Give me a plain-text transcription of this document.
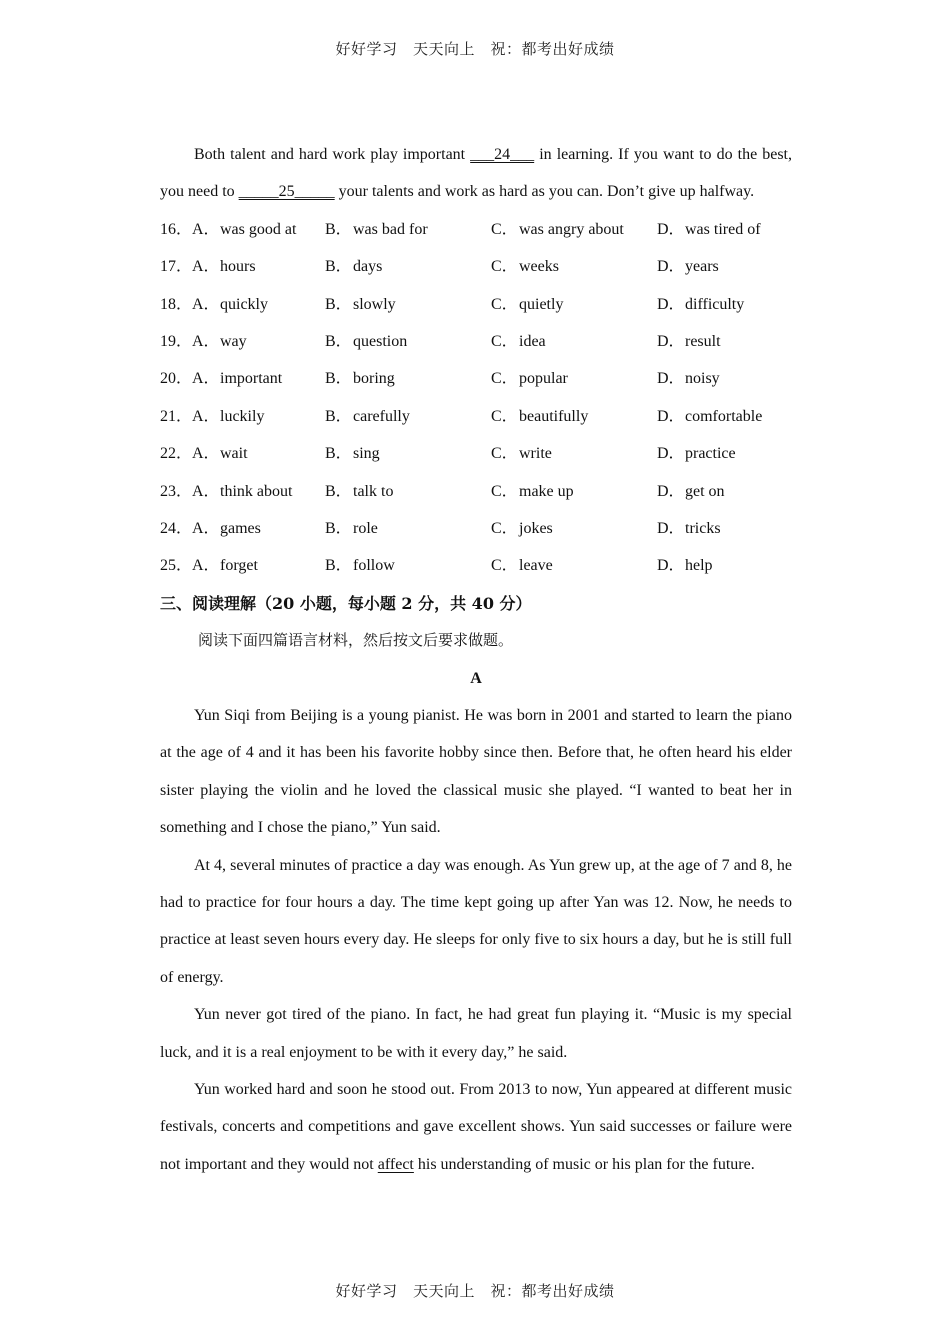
好好学习　天天向上　祝：都考出好成绩

Both talent and hard work play important ___24___ in learning. If you want to do the best, you need to _____25_____ your talents and work as hard as you can. Don’t give up halfway.

16． A． was good at B． was bad for	C． was angry about D． was tired of
17． A． hours	B． days	C． weeks	D． years
18． A． quickly	B． slowly	C． quietly	D． difficulty
19． A． way	B． question	C． idea	D． result
20． A． important	B． boring	C． popular	D． noisy
21． A． luckily	B． carefully	C． beautifully	D． comfortable
22． A． wait	B． sing	C． write	D． practice
23． A． think about B． talk to	C． make up	D． get on
24． A． games	B． role	C． jokes	D． tricks
25． A． forget	B． follow	C． leave	D． help

三、阅读理解（20 小题，每小题 2 分，共 40 分）

阅读下面四篇语言材料，然后按文后要求做题。

A

Yun Siqi from Beijing is a young pianist. He was born in 2001 and started to learn the piano at the age of 4 and it has been his favorite hobby since then. Before that, he often heard his elder sister playing the violin and he loved the classical music she played. “I wanted to beat her in something and I chose the piano,” Yun said.

At 4, several minutes of practice a day was enough. As Yun grew up, at the age of 7 and 8, he had to practice for four hours a day. The time kept going up after Yan was 12. Now, he needs to practice at least seven hours every day. He sleeps for only five to six hours a day, but he is still full of energy.

Yun never got tired of the piano. In fact, he had great fun playing it. “Music is my special luck, and it is a real enjoyment to be with it every day,” he said.

Yun worked hard and soon he stood out. From 2013 to now, Yun appeared at different music festivals, concerts and competitions and gave excellent shows. Yun said successes or failure were not important and they would not affect his understanding of music or his plan for the future.

好好学习　天天向上　祝：都考出好成绩
